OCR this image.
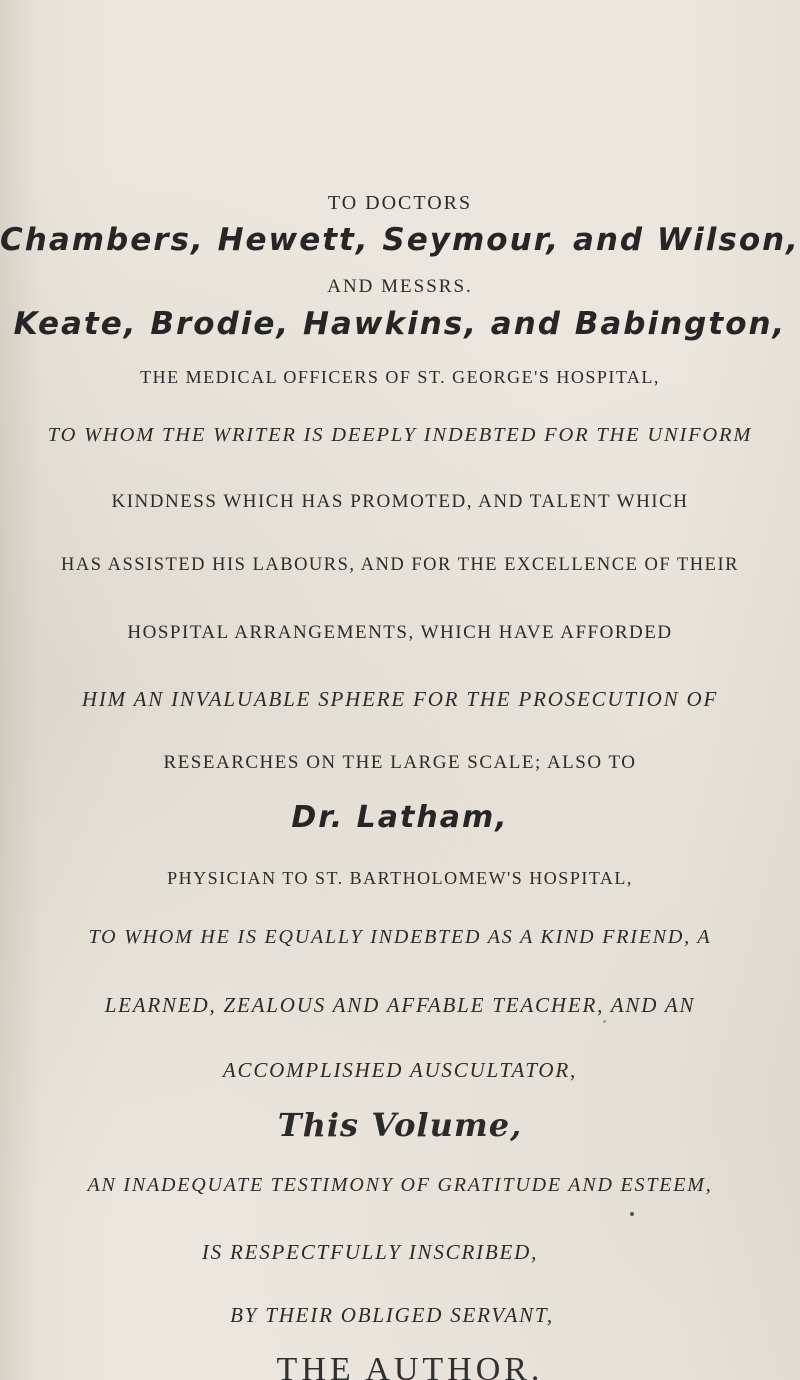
TO DOCTORS
Chambers, Hewett, Seymour, and Wilson,
AND MESSRS.
Keate, Brodie, Hawkins, and Babington,
THE MEDICAL OFFICERS OF ST. GEORGE'S HOSPITAL,
TO WHOM THE WRITER IS DEEPLY INDEBTED FOR THE UNIFORM
KINDNESS WHICH HAS PROMOTED, AND TALENT WHICH
HAS ASSISTED HIS LABOURS, AND FOR THE EXCELLENCE OF THEIR
HOSPITAL ARRANGEMENTS, WHICH HAVE AFFORDED
HIM AN INVALUABLE SPHERE FOR THE PROSECUTION OF
RESEARCHES ON THE LARGE SCALE; ALSO TO
Dr. Latham,
PHYSICIAN TO ST. BARTHOLOMEW'S HOSPITAL,
TO WHOM HE IS EQUALLY INDEBTED AS A KIND FRIEND, A
LEARNED, ZEALOUS AND AFFABLE TEACHER, AND AN
ACCOMPLISHED AUSCULTATOR,
This Volume,
AN INADEQUATE TESTIMONY OF GRATITUDE AND ESTEEM,
IS RESPECTFULLY INSCRIBED,
BY THEIR OBLIGED SERVANT,
THE AUTHOR.
